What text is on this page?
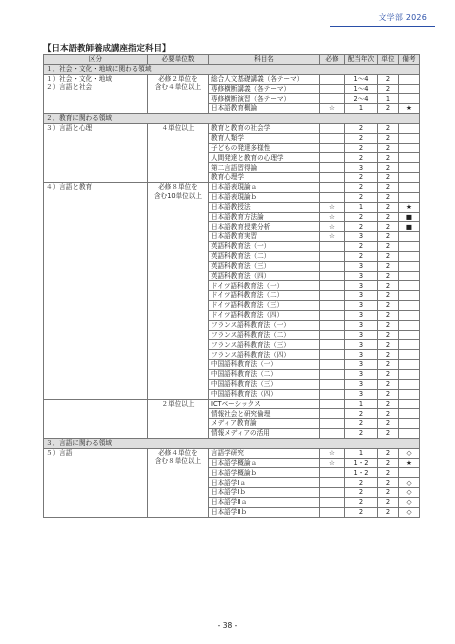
文学部 2026
【日本語教師養成講座指定科目】
区分	必要単位数	科目名	必修	配当年次	単位	備考
１．社会・文化・地域に関わる領域						
１）社会・文化・地域
２）言語と社会	必修２単位を
含む４単位以上	総合人文基礎講義（各テーマ）		1～4	2	
		専修横断講義（各テーマ）		1～4	2	
		専修横断演習（各テーマ）		2～4	1	
		日本語教育概論	☆	1	2	★
２．教育に関わる領域						
３）言語と心理	４単位以上	教育と教育の社会学		2	2	
		教育人類学		2	2	
		子どもの発達多様性		2	2	
		人間発達と教育の心理学		2	2	
		第二言語習得論		3	2	
		教育心理学		2	2	
４）言語と教育	必修８単位を
含む10単位以上	日本語表現論ａ		2	2	
		日本語表現論ｂ		2	2	
		日本語教授法	☆	1	2	★
		日本語教育方法論	☆	2	2	■
		日本語教育授業分析	☆	2	2	■
		日本語教育実習	☆	3	2	
		英語科教育法（一）		2	2	
		英語科教育法（二）		2	2	
		英語科教育法（三）		3	2	
		英語科教育法（四）		3	2	
		ドイツ語科教育法（一）		3	2	
		ドイツ語科教育法（二）		3	2	
		ドイツ語科教育法（三）		3	2	
		ドイツ語科教育法（四）		3	2	
		フランス語科教育法（一）		3	2	
		フランス語科教育法（二）		3	2	
		フランス語科教育法（三）		3	2	
		フランス語科教育法（四）		3	2	
		中国語科教育法（一）		3	2	
		中国語科教育法（二）		3	2	
		中国語科教育法（三）		3	2	
		中国語科教育法（四）		3	2	
	２単位以上	ICTベーシックス		1	2	
		情報社会と研究倫理		2	2	
		メディア教育論		2	2	
		情報メディアの活用		2	2	
３．言語に関わる領域						
５）言語	必修４単位を
含む８単位以上	言語学研究	☆	1	2	◇
		日本語学概論ａ	☆	1・2	2	★
		日本語学概論ｂ		1・2	2	
		日本語学Ⅰａ		2	2	◇
		日本語学Ⅰｂ		2	2	◇
		日本語学Ⅱａ		2	2	◇
		日本語学Ⅱｂ		2	2	◇
- 38 -
